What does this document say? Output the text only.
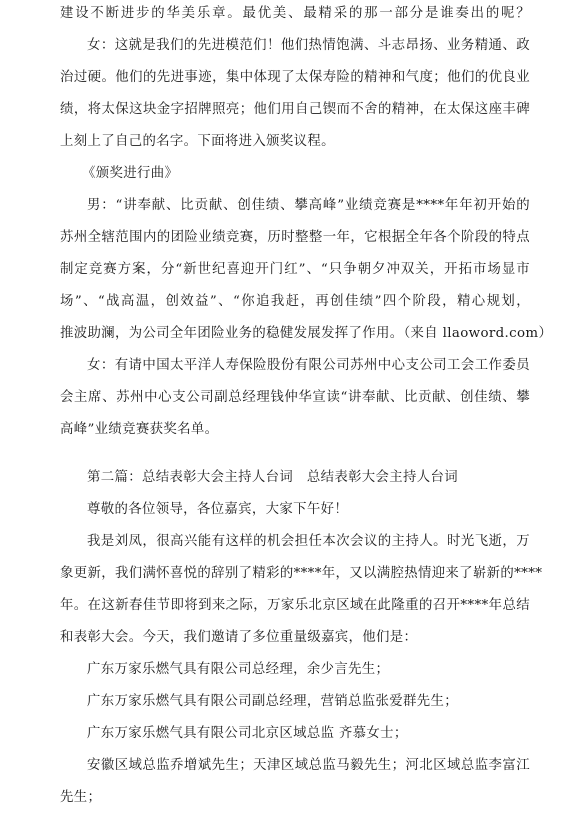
建设不断进步的华美乐章。最优美、最精采的那一部分是谁奏出的呢？
女：这就是我们的先进模范们！他们热情饱满、斗志昂扬、业务精通、政
治过硬。他们的先进事迹，集中体现了太保寿险的精神和气度；他们的优良业
绩，将太保这块金字招牌照亮；他们用自己锲而不舍的精神，在太保这座丰碑
上刻上了自己的名字。下面将进入颁奖议程。
《颁奖进行曲》
男：“讲奉献、比贡献、创佳绩、攀高峰”业绩竞赛是****年年初开始的
苏州全辖范围内的团险业绩竞赛，历时整整一年，它根据全年各个阶段的特点
制定竞赛方案，分“新世纪喜迎开门红”、“只争朝夕冲双关，开拓市场显市
场”、“战高温，创效益”、“你追我赶，再创佳绩”四个阶段，精心规划，
推波助澜，为公司全年团险业务的稳健发展发挥了作用。（来自 llaoword.com）
女：有请中国太平洋人寿保险股份有限公司苏州中心支公司工会工作委员
会主席、苏州中心支公司副总经理钱仲华宣读“讲奉献、比贡献、创佳绩、攀
高峰”业绩竞赛获奖名单。
第二篇：总结表彰大会主持人台词　总结表彰大会主持人台词
尊敬的各位领导，各位嘉宾，大家下午好！
我是刘凤，很高兴能有这样的机会担任本次会议的主持人。时光飞逝，万
象更新，我们满怀喜悦的辞别了精彩的****年，又以满腔热情迎来了崭新的****
年。在这新春佳节即将到来之际，万家乐北京区域在此隆重的召开****年总结
和表彰大会。今天，我们邀请了多位重量级嘉宾，他们是：
广东万家乐燃气具有限公司总经理，余少言先生；
广东万家乐燃气具有限公司副总经理，营销总监张爱群先生；
广东万家乐燃气具有限公司北京区域总监 齐慕女士；
安徽区域总监乔增斌先生；天津区域总监马毅先生；河北区域总监李富江
先生；
